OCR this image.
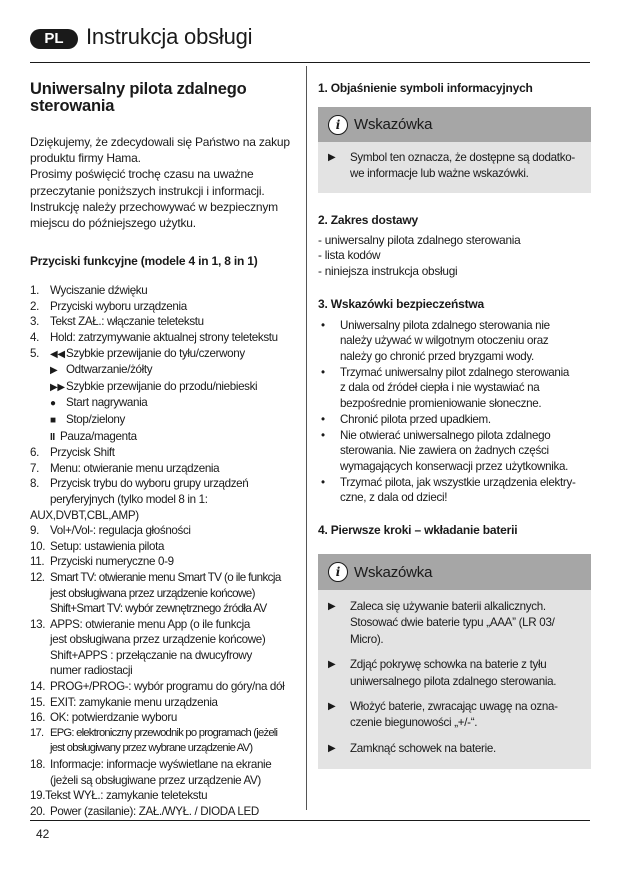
PL	Instrukcja obsługi
Uniwersalny pilota zdalnego
sterowania
Dziękujemy, że zdecydowali się Państwo na zakup
produktu firmy Hama.
Prosimy poświęcić trochę czasu na uważne
przeczytanie poniższych instrukcji i informacji.
Instrukcję należy przechowywać w bezpiecznym
miejscu do późniejszego użytku.
Przyciski funkcyjne (modele 4 in 1, 8 in 1)
1. Wyciszanie dźwięku
2. Przyciski wyboru urządzenia
3. Tekst ZAŁ.: włączanie teletekstu
4. Hold: zatrzymywanie aktualnej strony teletekstu
5. ◀◀Szybkie przewijanie do tyłu/czerwony
▶ Odtwarzanie/żółty
▶▶Szybkie przewijanie do przodu/niebieski
● Start nagrywania
■ Stop/zielony
II Pauza/magenta
6. Przycisk Shift
7. Menu: otwieranie menu urządzenia
8. Przycisk trybu do wyboru grupy urządzeń
peryferyjnych (tylko model 8 in 1:
AUX,DVBT,CBL,AMP)
9. Vol+/Vol-: regulacja głośności
10. Setup: ustawienia pilota
11. Przyciski numeryczne 0-9
12. Smart TV: otwieranie menu Smart TV (o ile funkcja
jest obsługiwana przez urządzenie końcowe)
Shift+Smart TV: wybór zewnętrznego źródła AV
13. APPS: otwieranie menu App (o ile funkcja
jest obsługiwana przez urządzenie końcowe)
Shift+APPS : przełączanie na dwucyfrowy
numer radiostacji
14. PROG+/PROG-: wybór programu do góry/na dół
15. EXIT: zamykanie menu urządzenia
16. OK: potwierdzanie wyboru
17. EPG: elektroniczny przewodnik po programach (jeżeli
jest obsługiwany przez wybrane urządzenie AV)
18. Informacje: informacje wyświetlane na ekranie
(jeżeli są obsługiwane przez urządzenie AV)
19.Tekst WYŁ.: zamykanie teletekstu
20. Power (zasilanie): ZAŁ./WYŁ. / DIODA LED
1. Objaśnienie symboli informacyjnych
i Wskazówka
▶ Symbol ten oznacza, że dostępne są dodatko-
we informacje lub ważne wskazówki.
2. Zakres dostawy
- uniwersalny pilota zdalnego sterowania
- lista kodów
- niniejsza instrukcja obsługi
3. Wskazówki bezpieczeństwa
• Uniwersalny pilota zdalnego sterowania nie
należy używać w wilgotnym otoczeniu oraz
należy go chronić przed bryzgami wody.
• Trzymać uniwersalny pilot zdalnego sterowania
z dala od źródeł ciepła i nie wystawiać na
bezpośrednie promieniowanie słoneczne.
• Chronić pilota przed upadkiem.
• Nie otwierać uniwersalnego pilota zdalnego
sterowania. Nie zawiera on żadnych części
wymagających konserwacji przez użytkownika.
• Trzymać pilota, jak wszystkie urządzenia elektry-
czne, z dala od dzieci!
4. Pierwsze kroki – wkładanie baterii
i Wskazówka
▶ Zaleca się używanie baterii alkalicznych.
Stosować dwie baterie typu „AAA” (LR 03/
Micro).
▶ Zdjąć pokrywę schowka na baterie z tyłu
uniwersalnego pilota zdalnego sterowania.
▶ Włożyć baterie, zwracając uwagę na ozna-
czenie biegunowości „+/-“.
▶ Zamknąć schowek na baterie.
42
